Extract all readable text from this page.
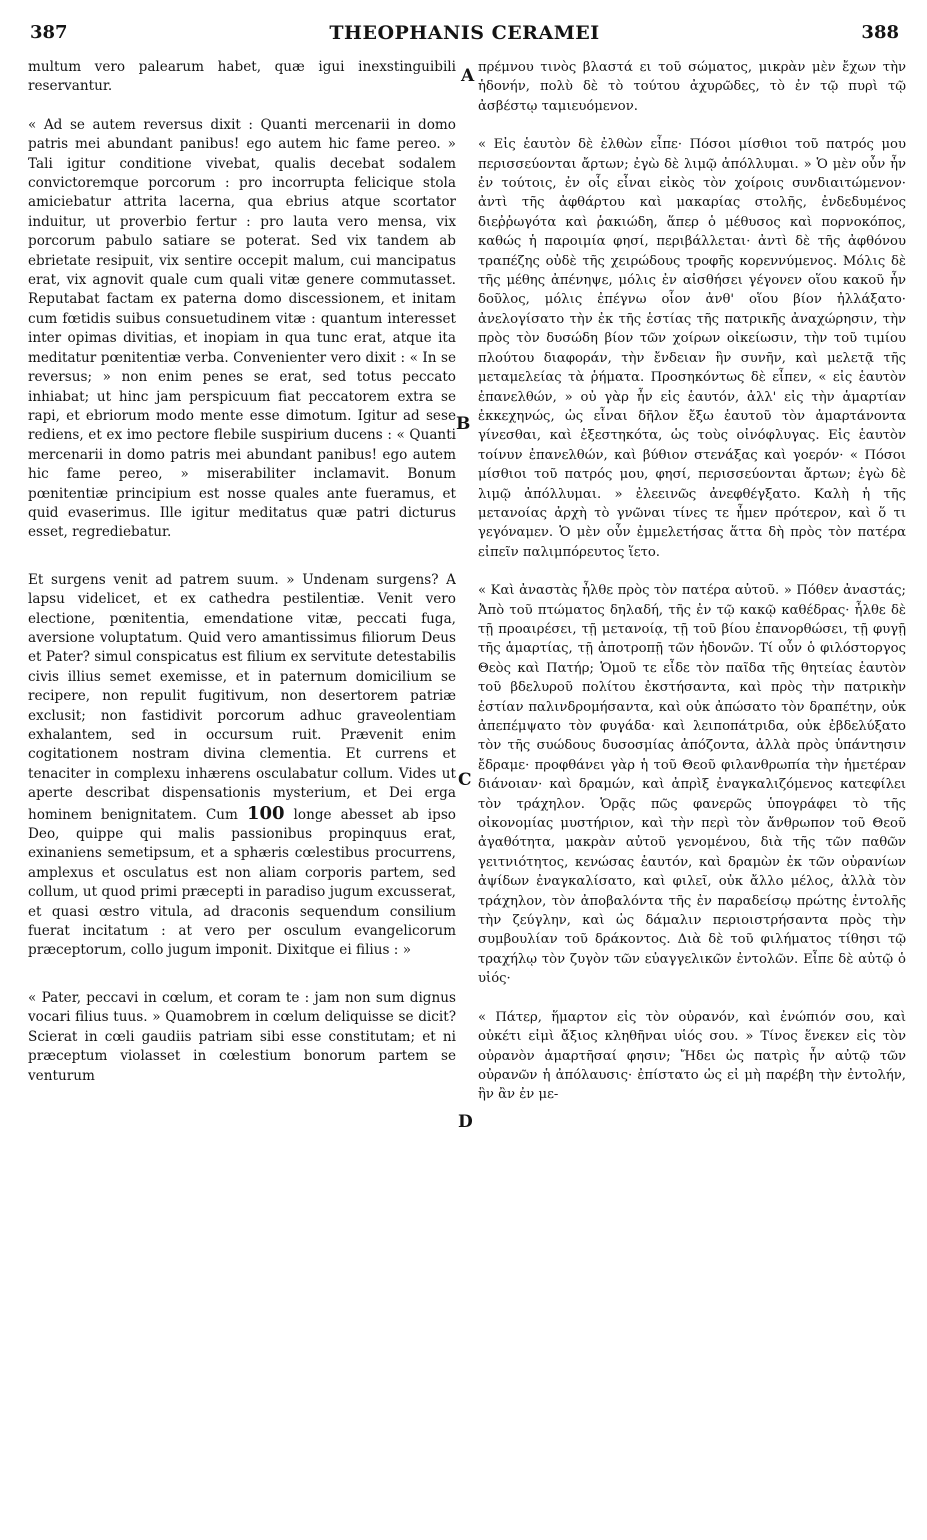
387	THEOPHANIS CERAMEI	388

multum vero palearum habet, quæ igui inexstinguibili reservantur.

« Ad se autem reversus dixit : Quanti mercenarii in domo patris mei abundant panibus! ego autem hic fame pereo. » Tali igitur conditione vivebat, qualis decebat sodalem convictoremque porcorum : pro incorrupta felicique stola amiciebatur attrita lacerna, qua ebrius atque scortator induitur, ut proverbio fertur : pro lauta vero mensa, vix porcorum pabulo satiare se poterat. Sed vix tandem ab ebrietate resipuit, vix sentire occepit malum, cui mancipatus erat, vix agnovit quale cum quali vitæ genere commutasset. Reputabat factam ex paterna domo discessionem, et initam cum fœtidis suibus consuetudinem vitæ : quantum interesset inter opimas divitias, et inopiam in qua tunc erat, atque ita meditatur pœnitentiæ verba. Convenienter vero dixit : « In se reversus; » non enim penes se erat, sed totus peccato inhiabat; ut hinc jam perspicuum fiat peccatorem extra se rapi, et ebriorum modo mente esse dimotum. Igitur ad sese rediens, et ex imo pectore flebile suspirium ducens : « Quanti mercenarii in domo patris mei abundant panibus! ego autem hic fame pereo, » miserabiliter inclamavit. Bonum pœnitentiæ principium est nosse quales ante fueramus, et quid evaserimus. Ille igitur meditatus quæ patri dicturus esset, regrediebatur.

Et surgens venit ad patrem suum. » Undenam surgens? A lapsu videlicet, et ex cathedra pestilentiæ. Venit vero electione, pœnitentia, emendatione vitæ, peccati fuga, aversione voluptatum. Quid vero amantissimus filiorum Deus et Pater? simul conspicatus est filium ex servitute detestabilis civis illius semet exemisse, et in paternum domicilium se recipere, non repulit fugitivum, non desertorem patriæ exclusit; non fastidivit porcorum adhuc graveolentiam exhalantem, sed in occursum ruit. Prævenit enim cogitationem nostram divina clementia. Et currens et tenaciter in complexu inhærens osculabatur collum. Vides ut aperte describat dispensationis mysterium, et Dei erga hominem benignitatem. Cum 100 longe abesset ab ipso Deo, quippe qui malis passionibus propinquus erat, exinaniens semetipsum, et a sphæris cœlestibus procurrens, amplexus et osculatus est non aliam corporis partem, sed collum, ut quod primi præcepti in paradiso jugum excusserat, et quasi œstro vitula, ad draconis sequendum consilium fuerat incitatum : at vero per osculum evangelicorum præceptorum, collo jugum imponit. Dixitque ei filius : »

« Pater, peccavi in cœlum, et coram te : jam non sum dignus vocari filius tuus. » Quamobrem in cœlum deliquisse se dicit? Scierat in cœli gaudiis patriam sibi esse constitutam; et ni præceptum violasset in cœlestium bonorum partem se venturum

A
B
C
D

πρέμνου τινὸς βλαστά ει τοῦ σώματος, μικρὰν μὲν ἔχων τὴν ἡδονήν, πολὺ δὲ τὸ τούτου ἀχυρῶδες, τὸ ἐν τῷ πυρὶ τῷ ἀσβέστῳ ταμιευόμενον.

« Εἰς ἑαυτὸν δὲ ἐλθὼν εἶπε· Πόσοι μίσθιοι τοῦ πατρός μου περισσεύονται ἄρτων; ἐγὼ δὲ λιμῷ ἀπόλλυμαι. » Ὁ μὲν οὖν ἦν ἐν τούτοις, ἐν οἷς εἶναι εἰκὸς τὸν χοίροις συνδιαιτώμενον· ἀντὶ τῆς ἀφθάρτου καὶ μακαρίας στολῆς, ἐνδεδυμένος διεῤῥωγότα καὶ ῥακιώδη, ἅπερ ὁ μέθυσος καὶ πορνοκόπος, καθώς ἡ παροιμία φησί, περιβάλλεται· ἀντὶ δὲ τῆς ἀφθόνου τραπέζης οὐδὲ τῆς χειρώδους τροφῆς κορεννύμενος. Μόλις δὲ τῆς μέθης ἀπένηψε, μόλις ἐν αἰσθήσει γέγονεν οἵου κακοῦ ἦν δοῦλος, μόλις ἐπέγνω οἷον ἀνθ' οἵου βίον ἠλλάξατο· ἀνελογίσατο τὴν ἐκ τῆς ἑστίας τῆς πατρικῆς ἀναχώρησιν, τὴν πρὸς τὸν δυσώδη βίον τῶν χοίρων οἰκείωσιν, τὴν τοῦ τιμίου πλούτου διαφοράν, τὴν ἔνδειαν ἣν συνῆν, καὶ μελετᾷ τῆς μεταμελείας τὰ ῥήματα. Προσηκόντως δὲ εἶπεν, « εἰς ἑαυτὸν ἐπανελθών, » οὐ γὰρ ἦν εἰς ἑαυτόν, ἀλλ' εἰς τὴν ἁμαρτίαν ἐκκεχηνώς, ὡς εἶναι δῆλον ἔξω ἑαυτοῦ τὸν ἁμαρτάνοντα γίνεσθαι, καὶ ἐξεστηκότα, ὡς τοὺς οἰνόφλυγας. Εἰς ἑαυτὸν τοίνυν ἐπανελθών, καὶ βύθιον στενάξας καὶ γοερόν· « Πόσοι μίσθιοι τοῦ πατρός μου, φησί, περισσεύονται ἄρτων; ἐγὼ δὲ λιμῷ ἀπόλλυμαι. » ἐλεεινῶς ἀνεφθέγξατο. Καλὴ ἡ τῆς μετανοίας ἀρχὴ τὸ γνῶναι τίνες τε ἦμεν πρότερον, καὶ ὅ τι γεγόναμεν. Ὁ μὲν οὖν ἐμμελετήσας ἅττα δὴ πρὸς τὸν πατέρα εἰπεῖν παλιμπόρευτος ἵετο.

« Καὶ ἀναστὰς ἦλθε πρὸς τὸν πατέρα αὐτοῦ. » Πόθεν ἀναστάς; Ἀπὸ τοῦ πτώματος δηλαδή, τῆς ἐν τῷ κακῷ καθέδρας· ἦλθε δὲ τῇ προαιρέσει, τῇ μετανοίᾳ, τῇ τοῦ βίου ἐπανορθώσει, τῇ φυγῇ τῆς ἁμαρτίας, τῇ ἀποτροπῇ τῶν ἡδονῶν. Τί οὖν ὁ φιλόστοργος Θεὸς καὶ Πατήρ; Ὁμοῦ τε εἶδε τὸν παῖδα τῆς θητείας ἑαυτὸν τοῦ βδελυροῦ πολίτου ἐκστήσαντα, καὶ πρὸς τὴν πατρικὴν ἑστίαν παλινδρομήσαντα, καὶ οὐκ ἀπώσατο τὸν δραπέτην, οὐκ ἀπεπέμψατο τὸν φυγάδα· καὶ λειποπάτριδα, οὐκ ἐβδελύξατο τὸν τῆς συώδους δυσοσμίας ἀπόζοντα, ἀλλὰ πρὸς ὑπάντησιν ἔδραμε· προφθάνει γὰρ ἡ τοῦ Θεοῦ φιλανθρωπία τὴν ἡμετέραν διάνοιαν· καὶ δραμών, καὶ ἀπρὶξ ἐναγκαλιζόμενος κατεφίλει τὸν τράχηλον. Ὁρᾷς πῶς φανερῶς ὑπογράφει τὸ τῆς οἰκονομίας μυστήριον, καὶ τὴν περὶ τὸν ἄνθρωπον τοῦ Θεοῦ ἀγαθότητα, μακρὰν αὐτοῦ γενομένου, διὰ τῆς τῶν παθῶν γειτνιότητος, κενώσας ἑαυτόν, καὶ δραμὼν ἐκ τῶν οὐρανίων ἀψίδων ἐναγκαλίσατο, καὶ φιλεῖ, οὐκ ἄλλο μέλος, ἀλλὰ τὸν τράχηλον, τὸν ἀποβαλόντα τῆς ἐν παραδείσῳ πρώτης ἐντολῆς τὴν ζεύγλην, καὶ ὡς δάμαλιν περιοιστρήσαντα πρὸς τὴν συμβουλίαν τοῦ δράκοντος. Διὰ δὲ τοῦ φιλήματος τίθησι τῷ τραχήλῳ τὸν ζυγὸν τῶν εὐαγγελικῶν ἐντολῶν. Εἶπε δὲ αὐτῷ ὁ υἱός·

« Πάτερ, ἥμαρτον εἰς τὸν οὐρανόν, καὶ ἐνώπιόν σου, καὶ οὐκέτι εἰμὶ ἄξιος κληθῆναι υἱός σου. » Τίνος ἕνεκεν εἰς τὸν οὐρανὸν ἁμαρτῆσαί φησιν; Ἤδει ὡς πατρὶς ἦν αὐτῷ τῶν οὐρανῶν ἡ ἀπόλαυσις· ἐπίστατο ὡς εἰ μὴ παρέβη τὴν ἐντολήν, ἣν ἂν ἐν με-
